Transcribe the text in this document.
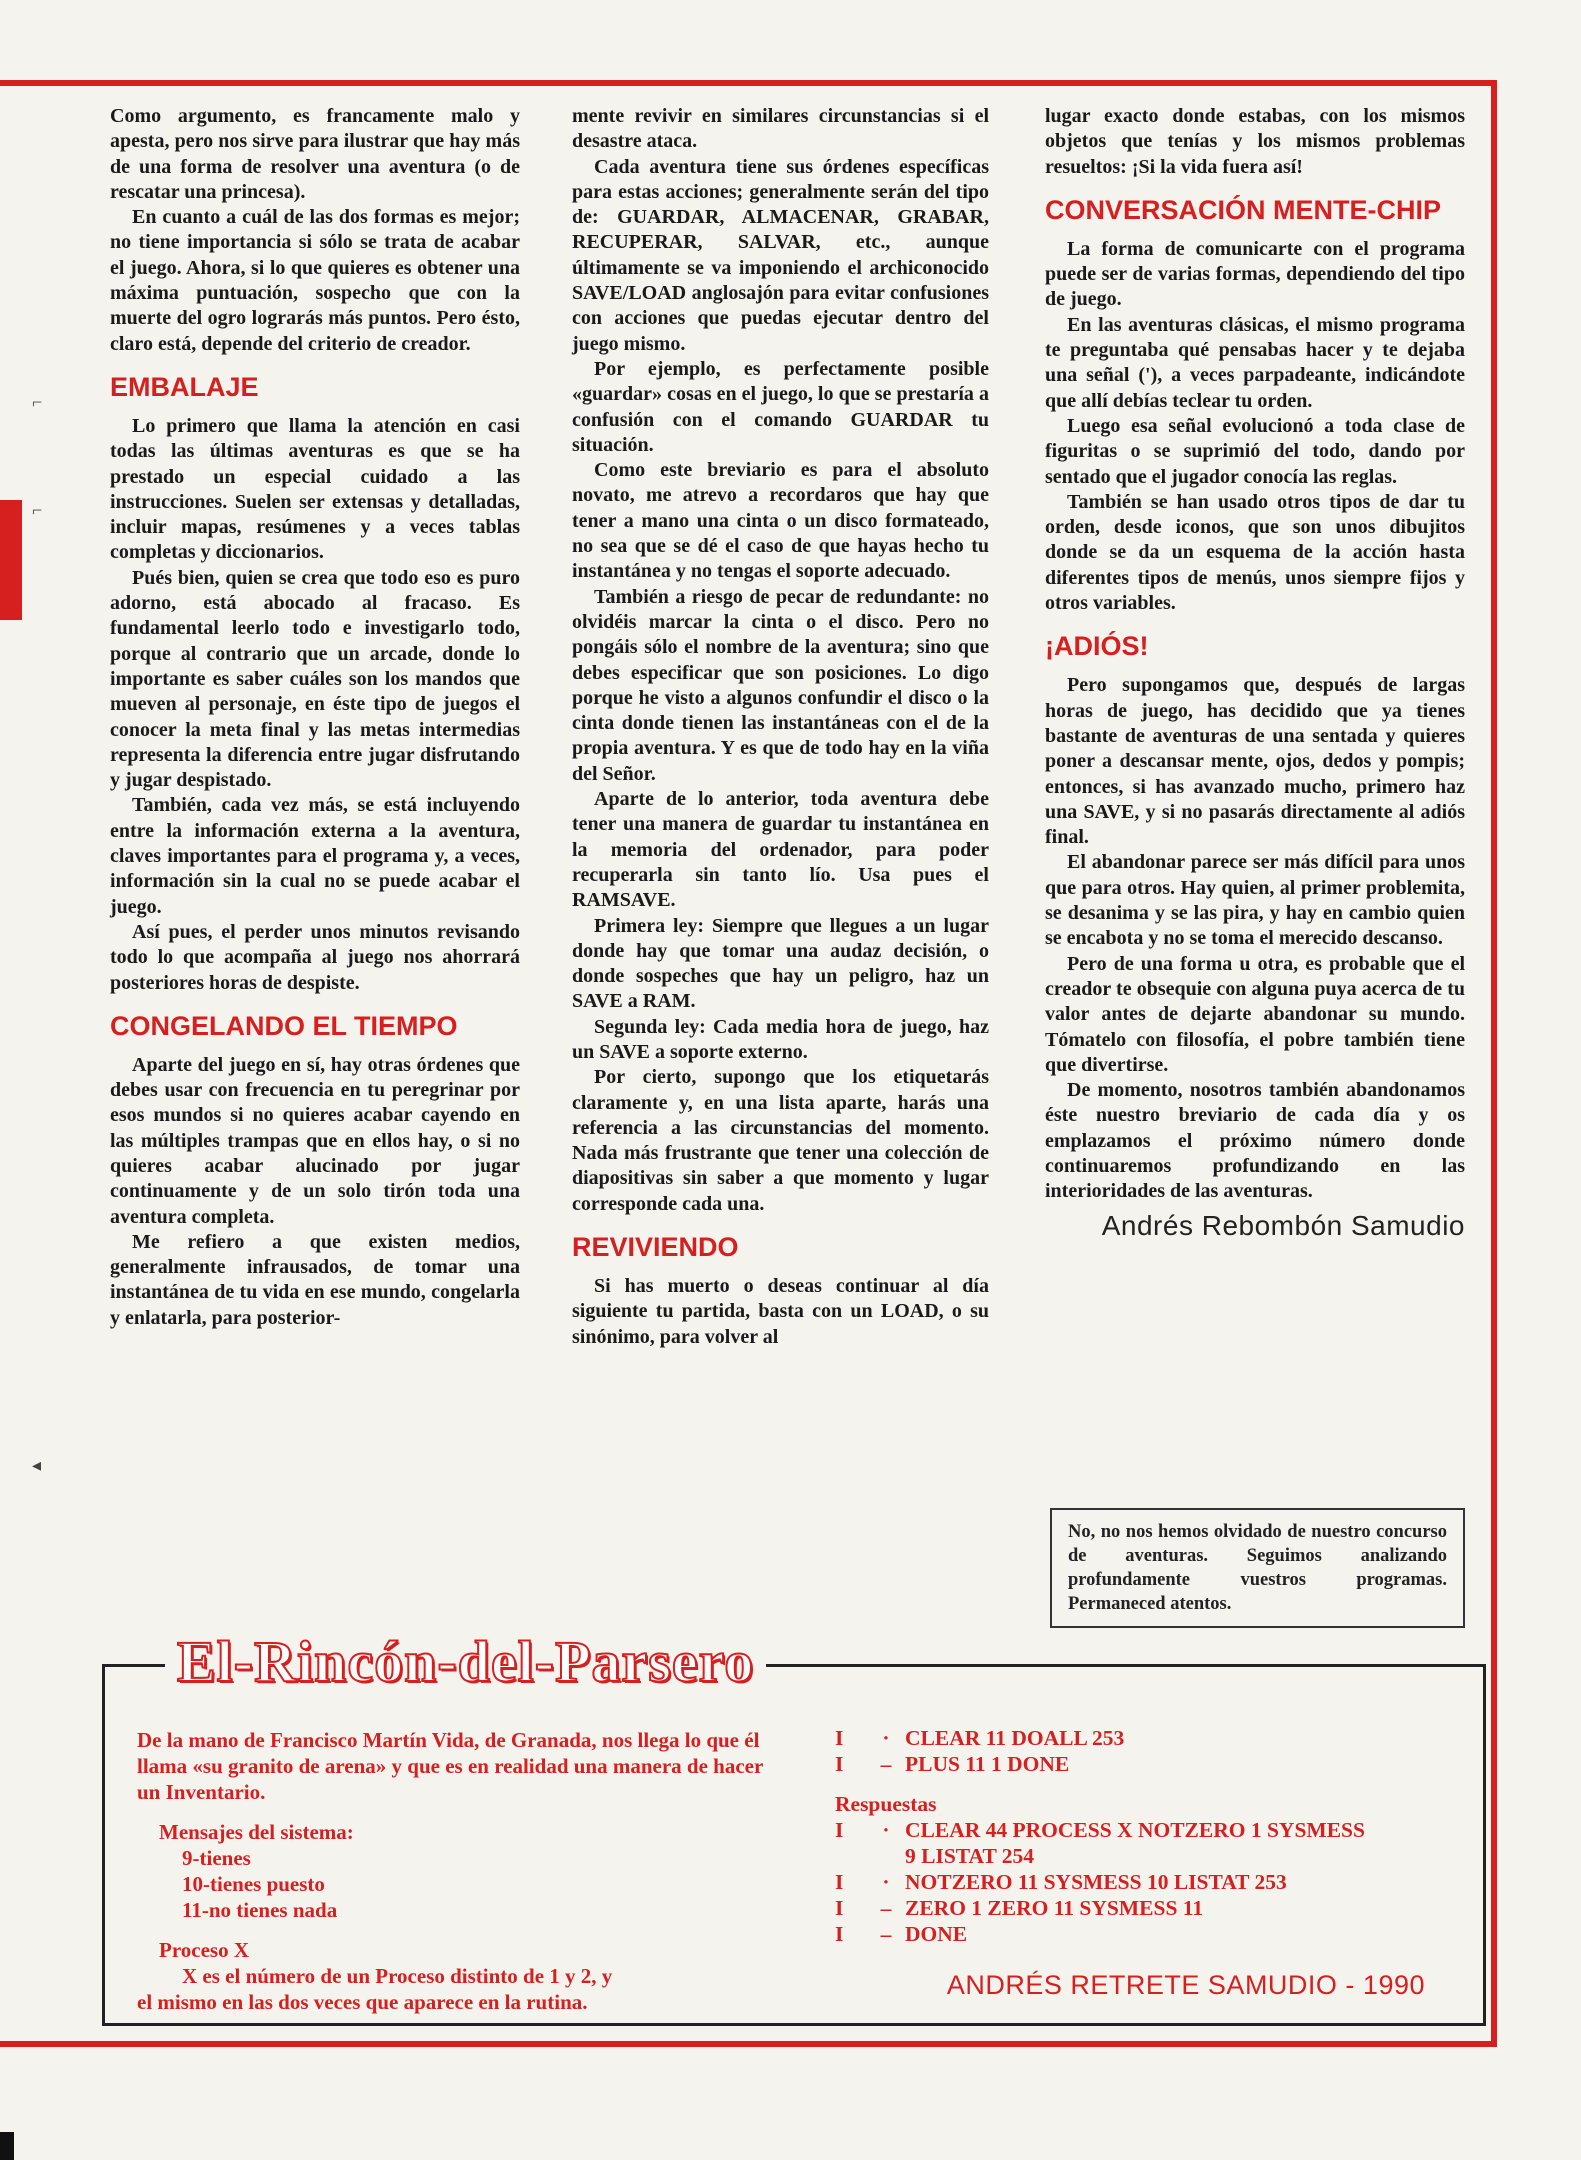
⌐
⌐
◂

Como argumento, es francamente malo y apesta, pero nos sirve para ilustrar que hay más de una forma de resolver una aventura (o de rescatar una princesa).

En cuanto a cuál de las dos formas es mejor; no tiene importancia si sólo se trata de acabar el juego. Ahora, si lo que quieres es obtener una máxima puntuación, sospecho que con la muerte del ogro lograrás más puntos. Pero ésto, claro está, depende del criterio de creador.

EMBALAJE

Lo primero que llama la atención en casi todas las últimas aventuras es que se ha prestado un especial cuidado a las instrucciones. Suelen ser extensas y detalladas, incluir mapas, resúmenes y a veces tablas completas y diccionarios.

Pués bien, quien se crea que todo eso es puro adorno, está abocado al fracaso. Es fundamental leerlo todo e investigarlo todo, porque al contrario que un arcade, donde lo importante es saber cuáles son los mandos que mueven al personaje, en éste tipo de juegos el conocer la meta final y las metas intermedias representa la diferencia entre jugar disfrutando y jugar despistado.

También, cada vez más, se está incluyendo entre la información externa a la aventura, claves importantes para el programa y, a veces, información sin la cual no se puede acabar el juego.

Así pues, el perder unos minutos revisando todo lo que acompaña al juego nos ahorrará posteriores horas de despiste.

CONGELANDO EL TIEMPO

Aparte del juego en sí, hay otras órdenes que debes usar con frecuencia en tu peregrinar por esos mundos si no quieres acabar cayendo en las múltiples trampas que en ellos hay, o si no quieres acabar alucinado por jugar continuamente y de un solo tirón toda una aventura completa.

Me refiero a que existen medios, generalmente infrausados, de tomar una instantánea de tu vida en ese mundo, congelarla y enlatarla, para posterior-

mente revivir en similares circunstancias si el desastre ataca.

Cada aventura tiene sus órdenes específicas para estas acciones; generalmente serán del tipo de: GUARDAR, ALMACENAR, GRABAR, RECUPERAR, SALVAR, etc., aunque últimamente se va imponiendo el archiconocido SAVE/LOAD anglosajón para evitar confusiones con acciones que puedas ejecutar dentro del juego mismo.

Por ejemplo, es perfectamente posible «guardar» cosas en el juego, lo que se prestaría a confusión con el comando GUARDAR tu situación.

Como este breviario es para el absoluto novato, me atrevo a recordaros que hay que tener a mano una cinta o un disco formateado, no sea que se dé el caso de que hayas hecho tu instantánea y no tengas el soporte adecuado.

También a riesgo de pecar de redundante: no olvidéis marcar la cinta o el disco. Pero no pongáis sólo el nombre de la aventura; sino que debes especificar que son posiciones. Lo digo porque he visto a algunos confundir el disco o la cinta donde tienen las instantáneas con el de la propia aventura. Y es que de todo hay en la viña del Señor.

Aparte de lo anterior, toda aventura debe tener una manera de guardar tu instantánea en la memoria del ordenador, para poder recuperarla sin tanto lío. Usa pues el RAMSAVE.

Primera ley: Siempre que llegues a un lugar donde hay que tomar una audaz decisión, o donde sospeches que hay un peligro, haz un SAVE a RAM.

Segunda ley: Cada media hora de juego, haz un SAVE a soporte externo.

Por cierto, supongo que los etiquetarás claramente y, en una lista aparte, harás una referencia a las circunstancias del momento. Nada más frustrante que tener una colección de diapositivas sin saber a que momento y lugar corresponde cada una.

REVIVIENDO

Si has muerto o deseas continuar al día siguiente tu partida, basta con un LOAD, o su sinónimo, para volver al

lugar exacto donde estabas, con los mismos objetos que tenías y los mismos problemas resueltos: ¡Si la vida fuera así!

CONVERSACIÓN MENTE-CHIP

La forma de comunicarte con el programa puede ser de varias formas, dependiendo del tipo de juego.

En las aventuras clásicas, el mismo programa te preguntaba qué pensabas hacer y te dejaba una señal ('), a veces parpadeante, indicándote que allí debías teclear tu orden.

Luego esa señal evolucionó a toda clase de figuritas o se suprimió del todo, dando por sentado que el jugador conocía las reglas.

También se han usado otros tipos de dar tu orden, desde iconos, que son unos dibujitos donde se da un esquema de la acción hasta diferentes tipos de menús, unos siempre fijos y otros variables.

¡ADIÓS!

Pero supongamos que, después de largas horas de juego, has decidido que ya tienes bastante de aventuras de una sentada y quieres poner a descansar mente, ojos, dedos y pompis; entonces, si has avanzado mucho, primero haz una SAVE, y si no pasarás directamente al adiós final.

El abandonar parece ser más difícil para unos que para otros. Hay quien, al primer problemita, se desanima y se las pira, y hay en cambio quien se encabota y no se toma el merecido descanso.

Pero de una forma u otra, es probable que el creador te obsequie con alguna puya acerca de tu valor antes de dejarte abandonar su mundo. Tómatelo con filosofía, el pobre también tiene que divertirse.

De momento, nosotros también abandonamos éste nuestro breviario de cada día y os emplazamos el próximo número donde continuaremos profundizando en las interioridades de las aventuras.

Andrés Rebombón Samudio
No, no nos hemos olvidado de nuestro concurso de aventuras. Seguimos analizando profundamente vuestros programas. Permaneced atentos.
El-Rincón-del-Parsero

De la mano de Francisco Martín Vida, de Granada, nos llega lo que él llama «su granito de arena» y que es en realidad una manera de hacer un Inventario.

Mensajes del sistema:

9-tienes

10-tienes puesto

11-no tienes nada

Proceso X

X es el número de un Proceso distinto de 1 y 2, y

el mismo en las dos veces que aparece en la rutina.

I	· CLEAR 11 DOALL 253
I	– PLUS 11 1 DONE
Respuestas
I	· CLEAR 44 PROCESS X NOTZERO 1 SYSMESS
9 LISTAT 254
I	· NOTZERO 11 SYSMESS 10 LISTAT 253
I	– ZERO 1 ZERO 11 SYSMESS 11
I	– DONE
ANDRÉS RETRETE SAMUDIO - 1990
